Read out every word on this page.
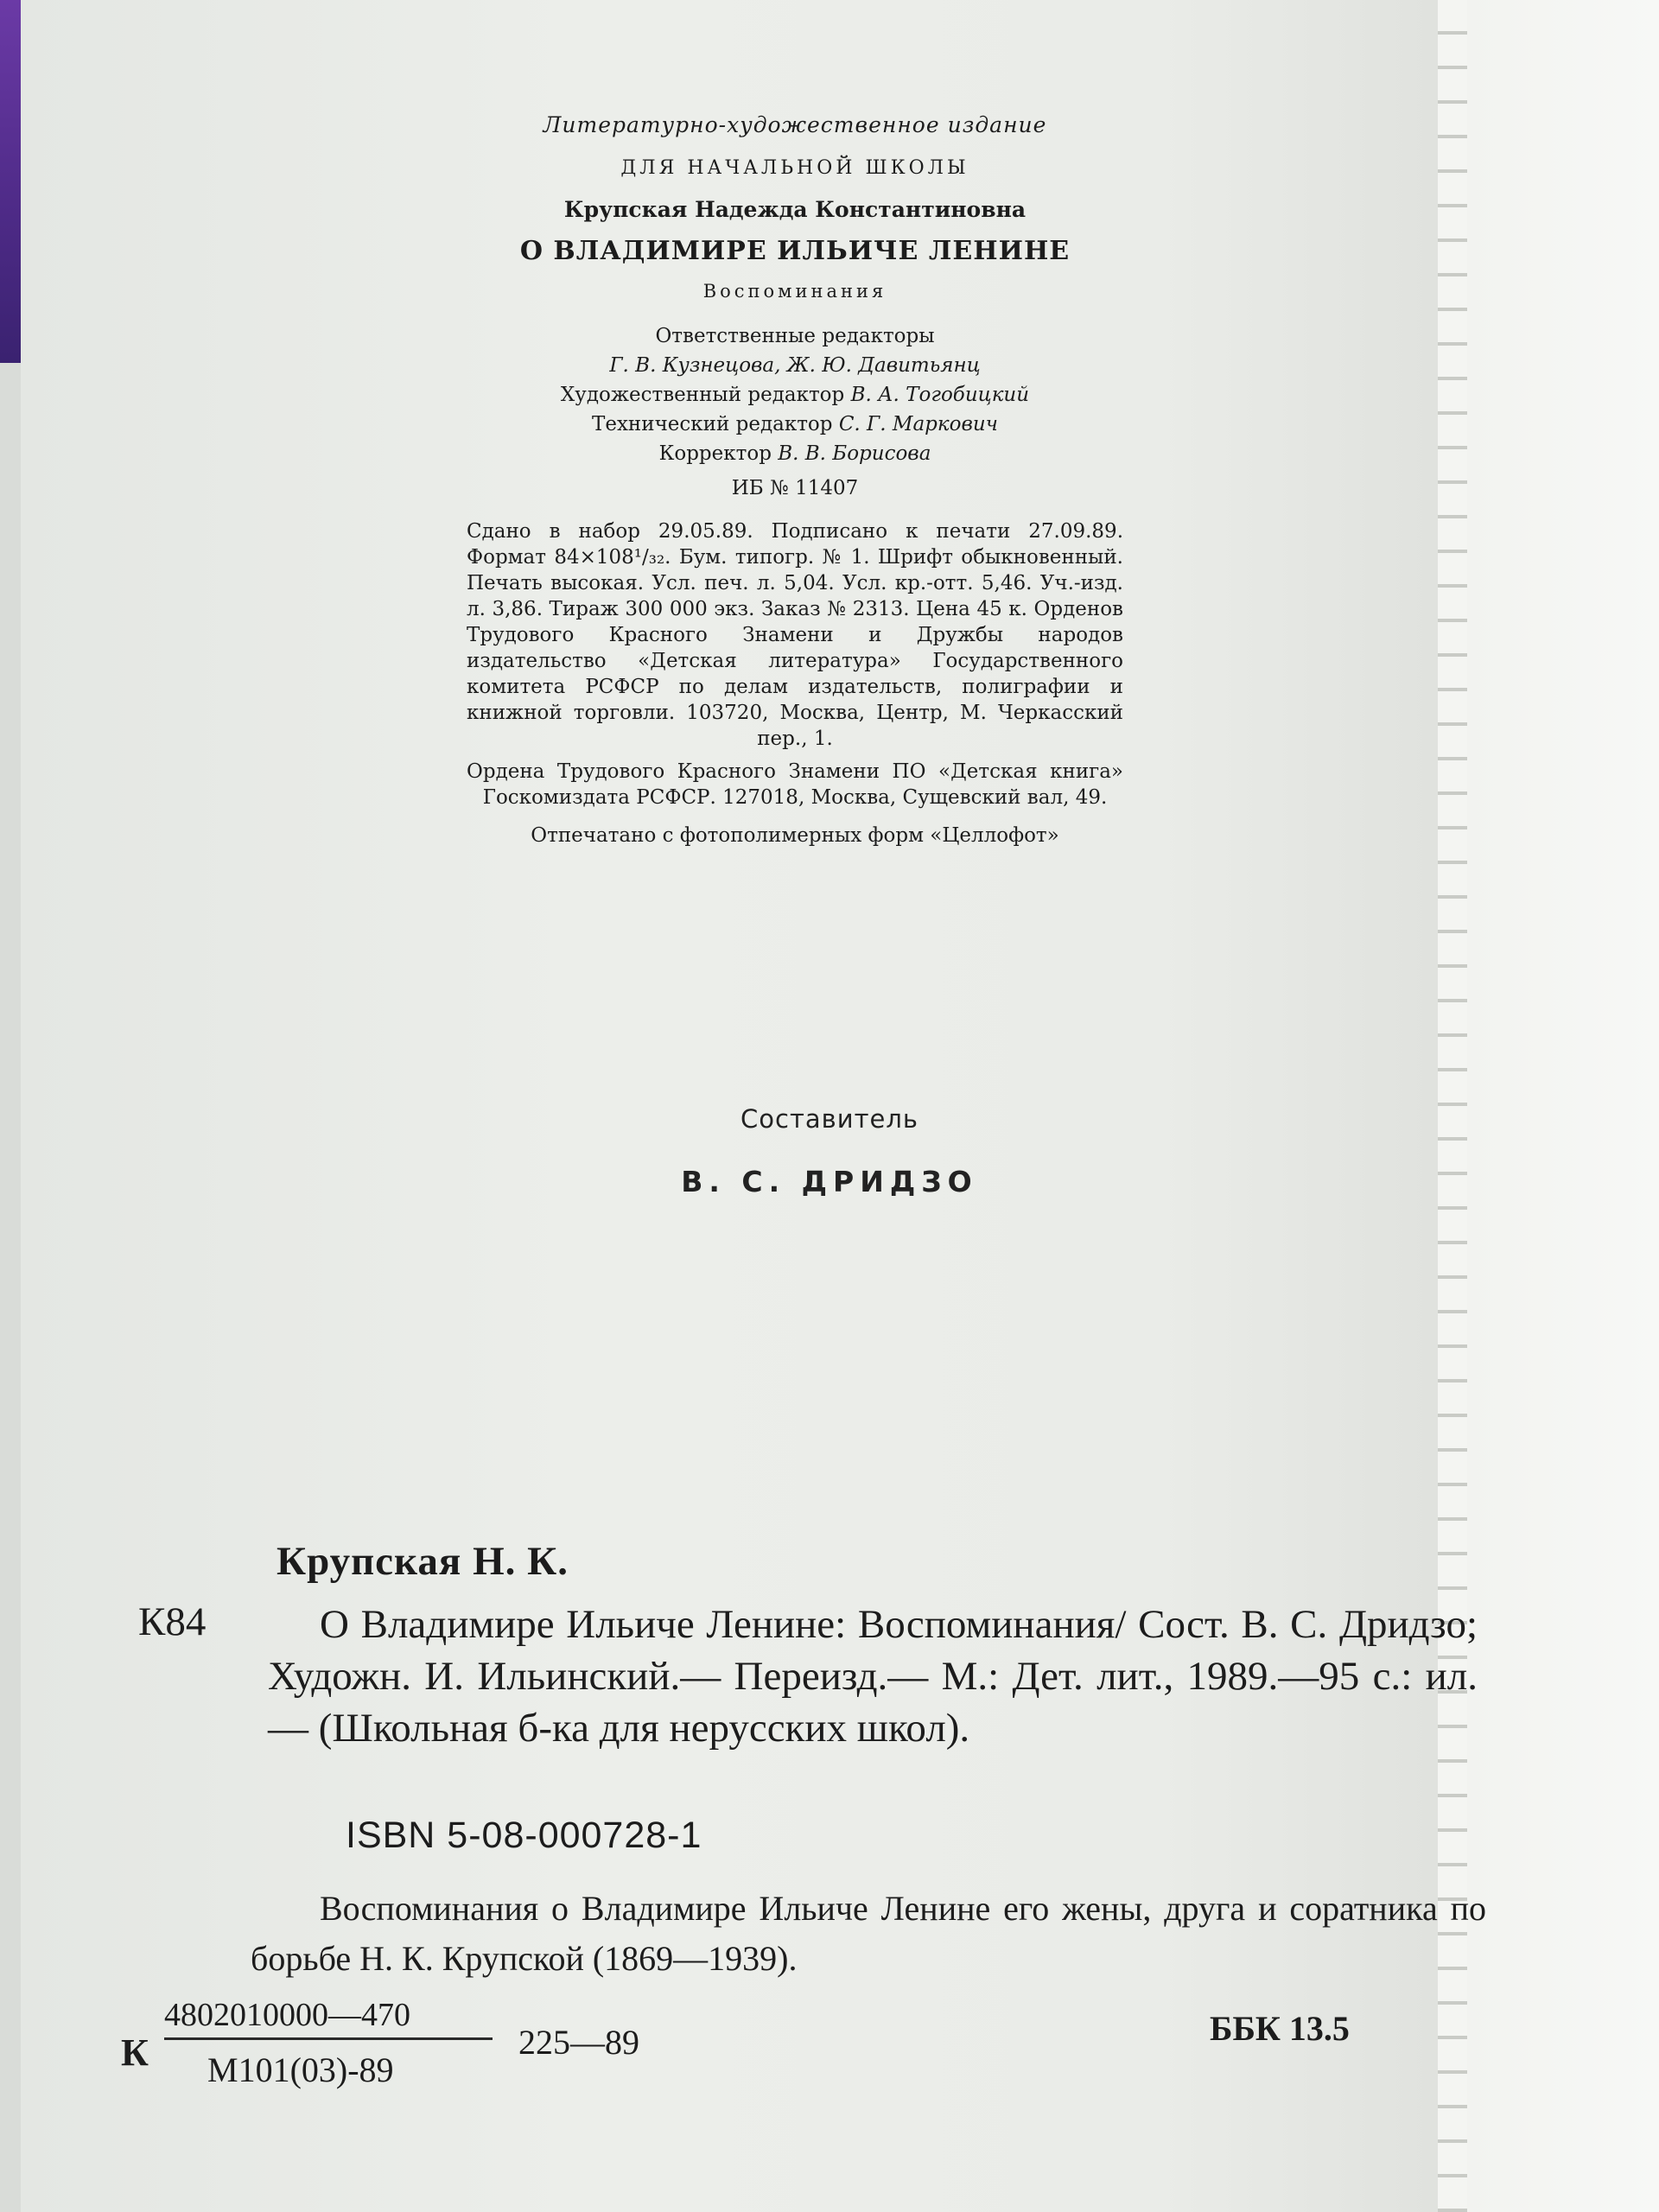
Литературно-художественное издание
ДЛЯ НАЧАЛЬНОЙ ШКОЛЫ
Крупская Надежда Константиновна
О ВЛАДИМИРЕ ИЛЬИЧЕ ЛЕНИНЕ
Воспоминания
Ответственные редакторы
Г. В. Кузнецова, Ж. Ю. Давитьянц
Художественный редактор В. А. Тогобицкий
Технический редактор С. Г. Маркович
Корректор В. В. Борисова
ИБ № 11407

Сдано в набор 29.05.89. Подписано к печати 27.09.89. Формат 84×108¹/₃₂. Бум. типогр. № 1. Шрифт обыкновенный. Печать высокая. Усл. печ. л. 5,04. Усл. кр.-отт. 5,46. Уч.-изд. л. 3,86. Тираж 300 000 экз. Заказ № 2313. Цена 45 к. Орденов Трудового Красного Знамени и Дружбы народов издательство «Детская литература» Государственного комитета РСФСР по делам издательств, полиграфии и книжной торговли. 103720, Москва, Центр, М. Черкасский пер., 1.

Ордена Трудового Красного Знамени ПО «Детская книга» Госкомиздата РСФСР. 127018, Москва, Сущевский вал, 49.

Отпечатано с фотополимерных форм «Целлофот»
Составитель
В. С. ДРИДЗО
Крупская Н. К.
К84	О Владимире Ильиче Ленине: Воспоминания/ Сост. В. С. Дридзо; Художн. И. Ильинский.— Переизд.— М.: Дет. лит., 1989.—95 с.: ил.— (Школьная б-ка для нерусских школ).
ISBN 5-08-000728-1
Воспоминания о Владимире Ильиче Ленине его жены, друга и соратника по борьбе Н. К. Крупской (1869—1939).
К
4802010000—470
М101(03)-89
225—89	ББК 13.5
